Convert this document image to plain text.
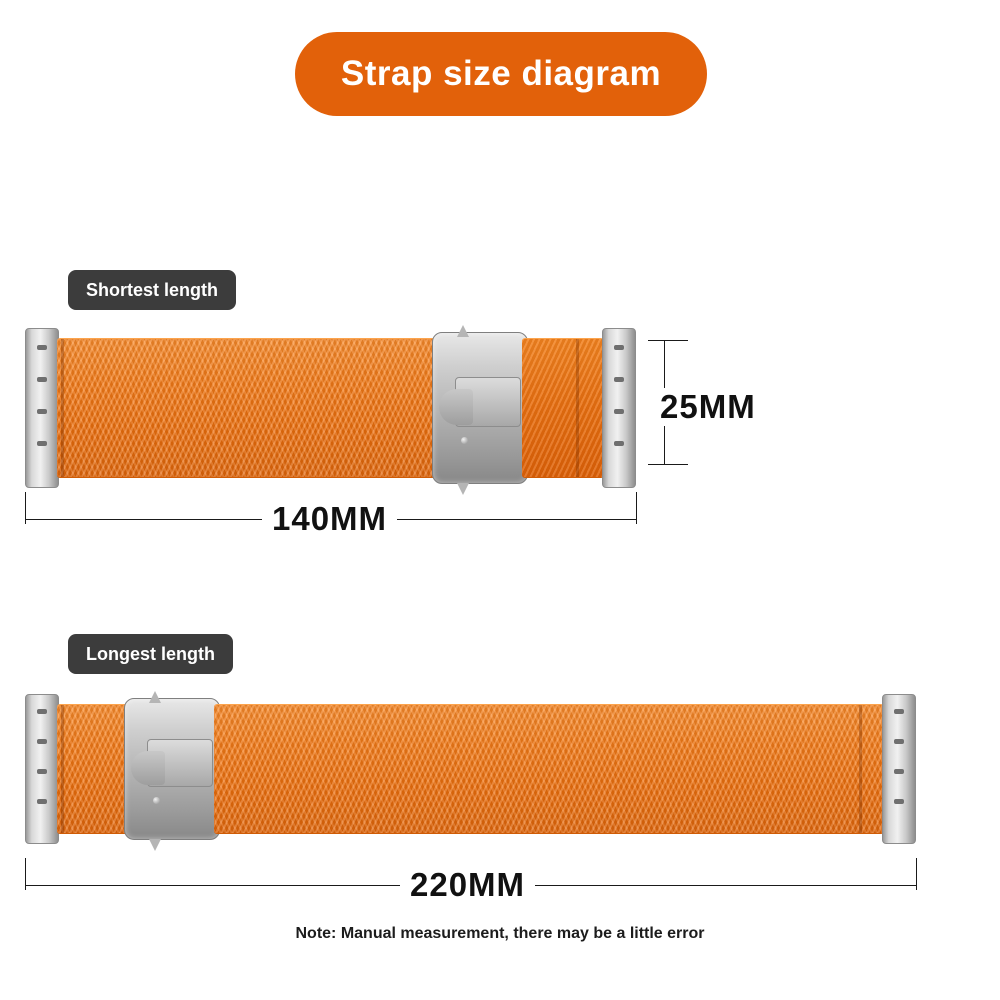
Strap size diagram
Shortest length
25MM
140MM
Longest length
220MM
Note: Manual measurement, there may be a little error
